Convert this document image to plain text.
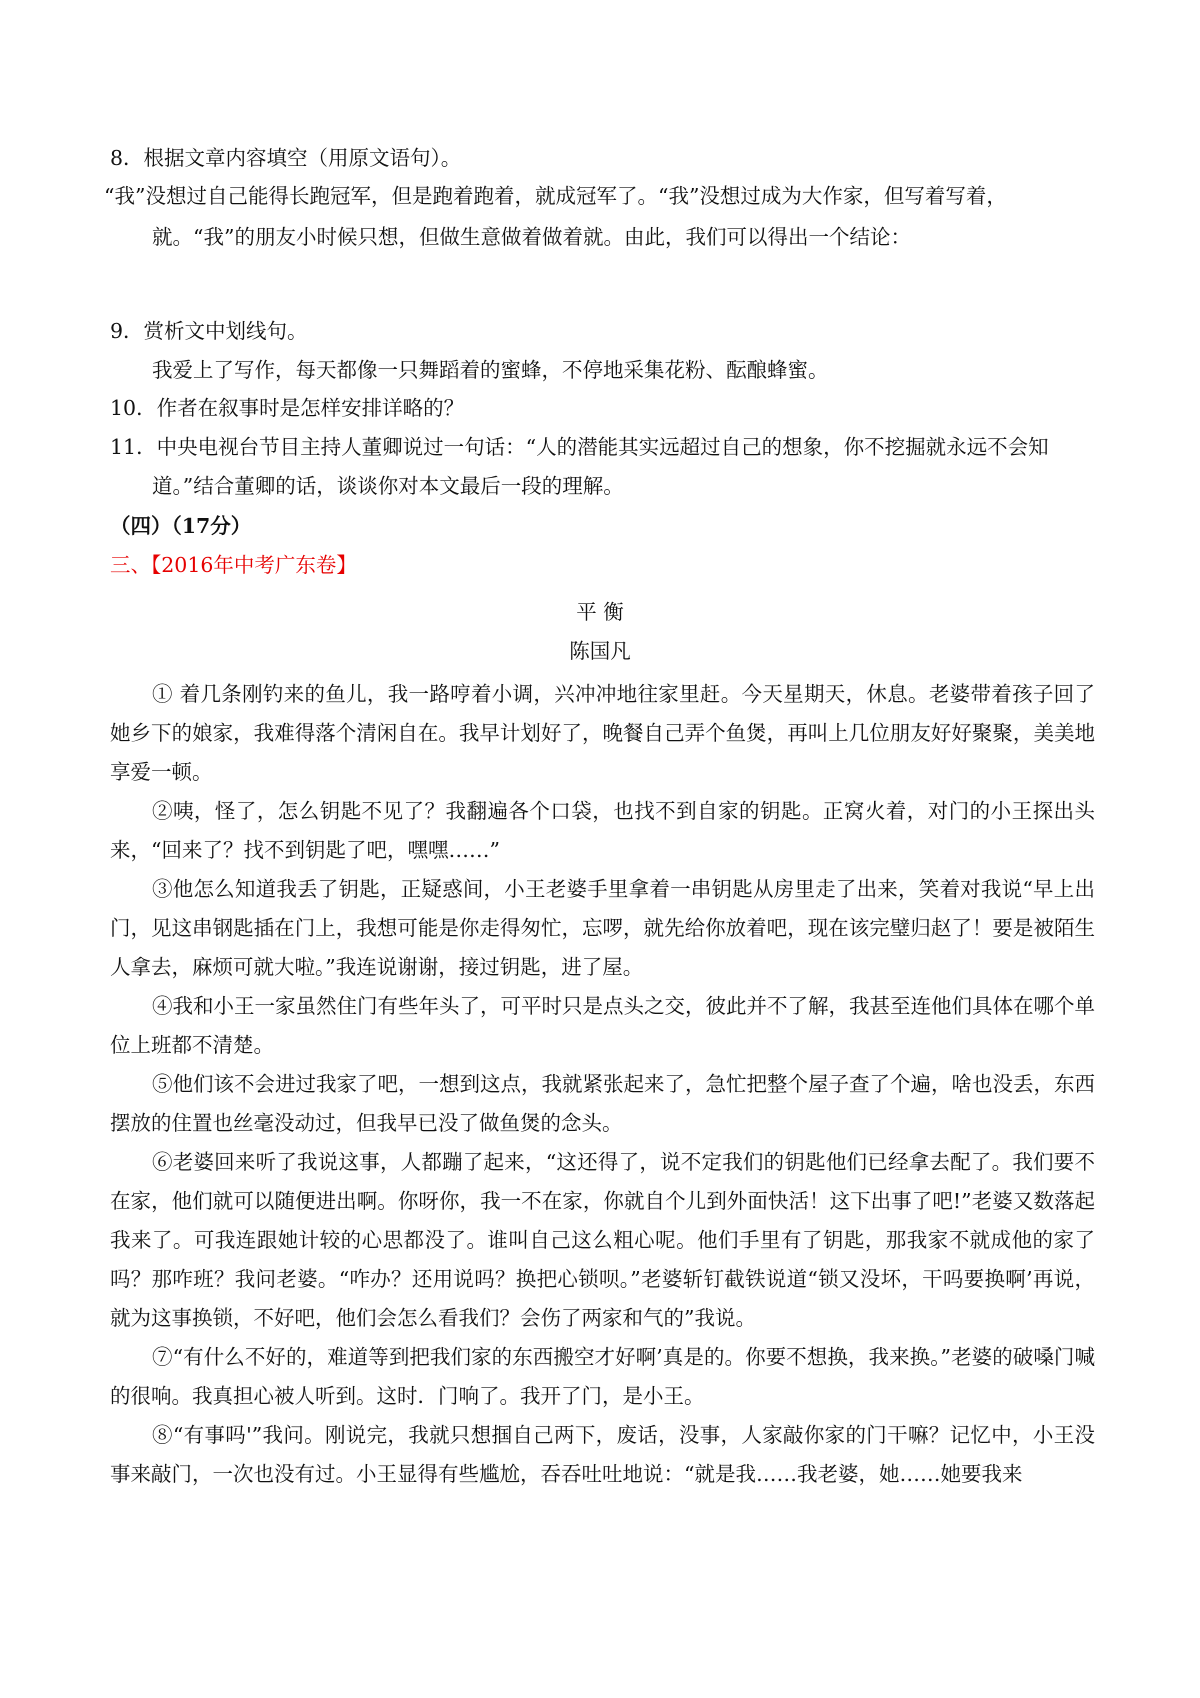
8．根据文章内容填空（用原文语句）。
“我”没想过自己能得长跑冠军，但是跑着跑着，就成冠军了。“我”没想过成为大作家，但写着写着，
就。“我”的朋友小时候只想，但做生意做着做着就。由此，我们可以得出一个结论：
9．赏析文中划线句。
我爱上了写作，每天都像一只舞蹈着的蜜蜂，不停地采集花粉、酝酿蜂蜜。
10．作者在叙事时是怎样安排详略的？
11．中央电视台节目主持人董卿说过一句话：“人的潜能其实远超过自己的想象，你不挖掘就永远不会知
道。”结合董卿的话，谈谈你对本文最后一段的理解。
（四）（17分）
三、【2016年中考广东卷】
平 衡
陈国凡
① 着几条刚钓来的鱼儿，我一路哼着小调，兴冲冲地往家里赶。今天星期天，休息。老婆带着孩子回了她乡下的娘家，我难得落个清闲自在。我早计划好了，晚餐自己弄个鱼煲，再叫上几位朋友好好聚聚，美美地享爱一顿。
②咦，怪了，怎么钥匙不见了？我翻遍各个口袋，也找不到自家的钥匙。正窝火着，对门的小王探出头来，“回来了？找不到钥匙了吧，嘿嘿……”
③他怎么知道我丢了钥匙，正疑惑间，小王老婆手里拿着一串钥匙从房里走了出来，笑着对我说“早上出门，见这串钢匙插在门上，我想可能是你走得匆忙，忘啰，就先给你放着吧，现在该完璧归赵了！要是被陌生人拿去，麻烦可就大啦。”我连说谢谢，接过钥匙，进了屋。
④我和小王一家虽然住门有些年头了，可平时只是点头之交，彼此并不了解，我甚至连他们具体在哪个单位上班都不清楚。
⑤他们该不会进过我家了吧，一想到这点，我就紧张起来了，急忙把整个屋子查了个遍，啥也没丢，东西摆放的住置也丝毫没动过，但我早已没了做鱼煲的念头。
⑥老婆回来听了我说这事，人都蹦了起来，“这还得了，说不定我们的钥匙他们已经拿去配了。我们要不在家，他们就可以随便进出啊。你呀你，我一不在家，你就自个儿到外面快活！这下出事了吧!”老婆又数落起我来了。可我连跟她计较的心思都没了。谁叫自己这么粗心呢。他们手里有了钥匙，那我家不就成他的家了吗？那咋班？我问老婆。“咋办？还用说吗？换把心锁呗。”老婆斩钉截铁说道“锁又没坏，干吗要换啊’再说，就为这事换锁，不好吧，他们会怎么看我们？会伤了两家和气的”我说。
⑦“有什么不好的，难道等到把我们家的东西搬空才好啊’真是的。你要不想换，我来换。”老婆的破嗓门喊的很响。我真担心被人听到。这时．门响了。我开了门，是小王。
⑧“有事吗'”我问。刚说完，我就只想掴自己两下，废话，没事，人家敲你家的门干嘛？记忆中，小王没事来敲门，一次也没有过。小王显得有些尴尬，吞吞吐吐地说：“就是我……我老婆，她……她要我来
